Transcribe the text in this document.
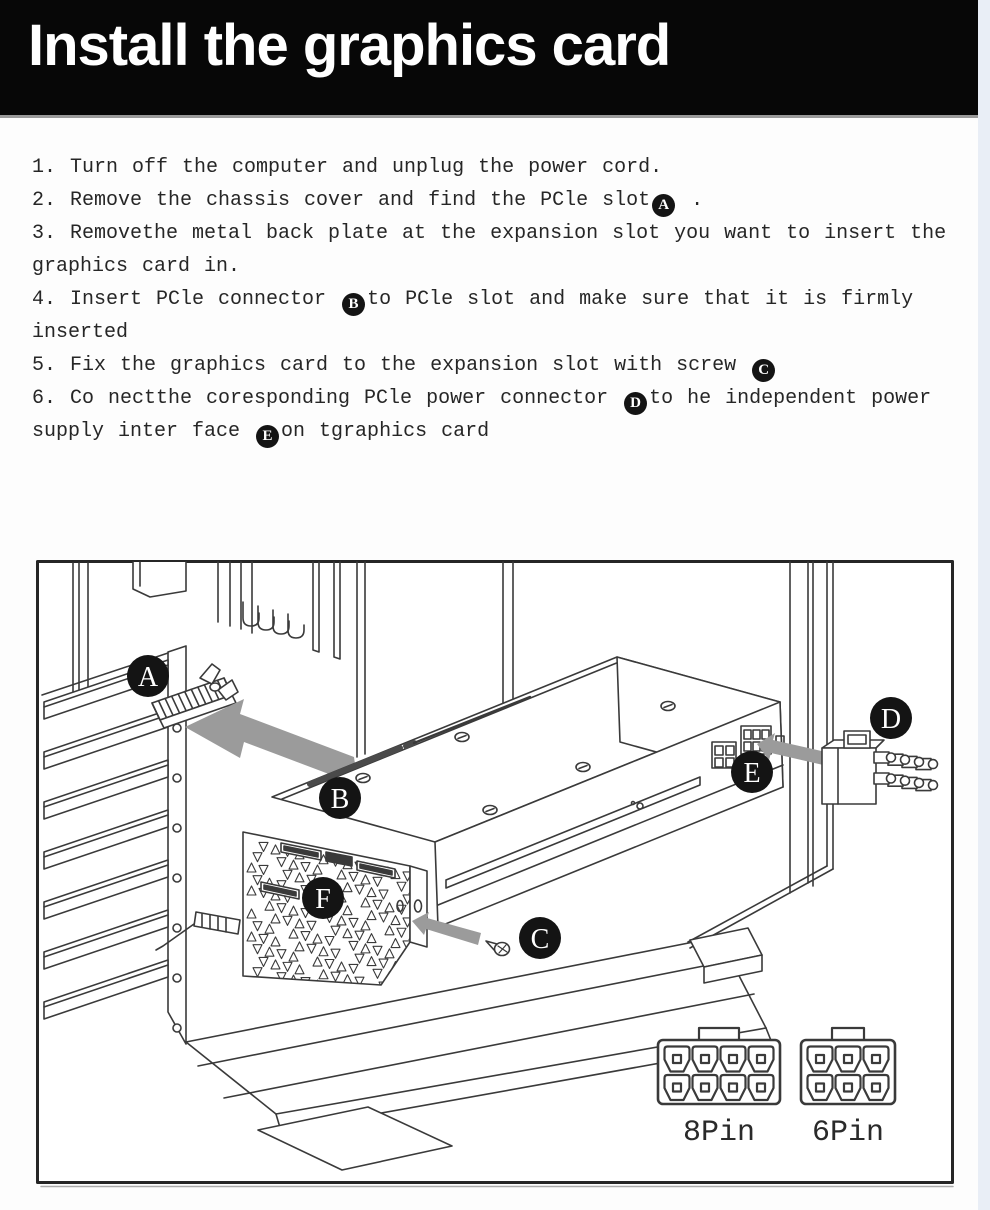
Install the graphics card
1. Turn off the computer and unplug the power cord.
2. Remove the chassis cover and find the PCle slot A .
3. Removethe metal back plate at the expansion slot you want to insert the
graphics card in.
4. Insert PCle connector B to PCle slot and make sure that it is firmly
inserted
5. Fix the graphics card to the expansion slot with screw C
6. Co nectthe coresponding PCle power connector D to he independent power
supply inter face E on tgraphics card
A
B
C
D
E
F
8Pin 6Pin
